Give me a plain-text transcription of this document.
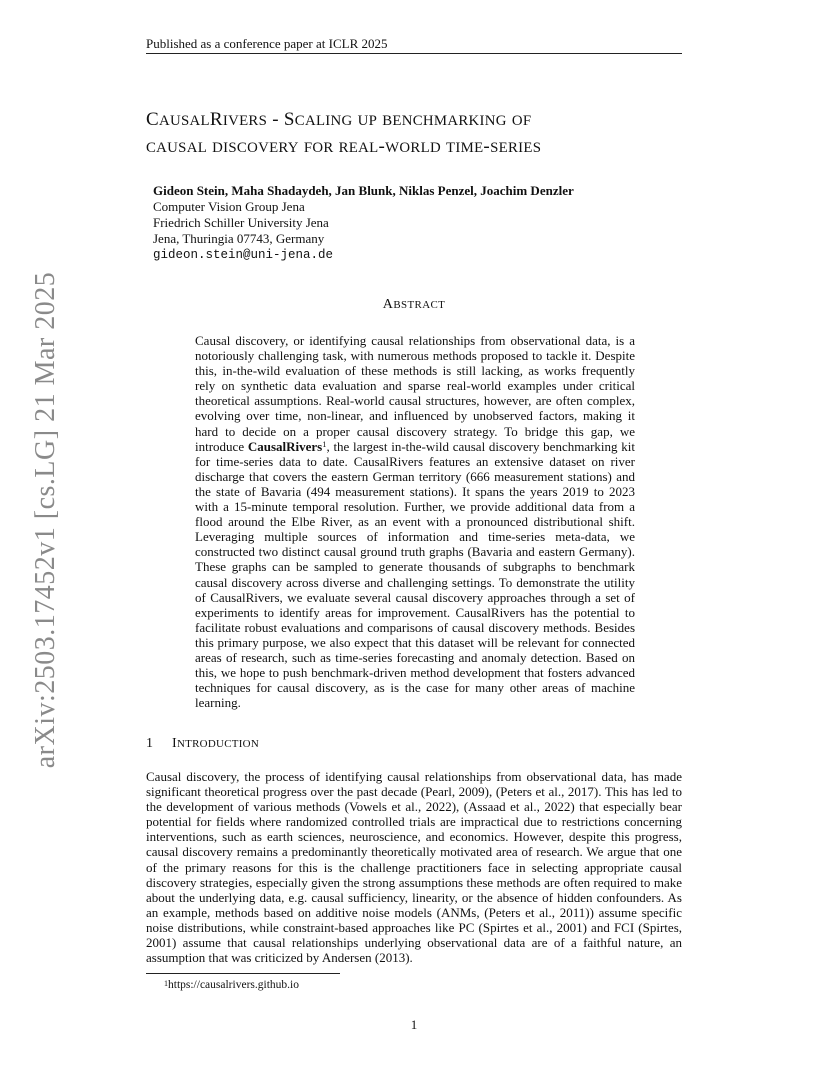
Published as a conference paper at ICLR 2025
CAUSALRIVERS - SCALING UP BENCHMARKING OF
CAUSAL DISCOVERY FOR REAL-WORLD TIME-SERIES
Gideon Stein, Maha Shadaydeh, Jan Blunk, Niklas Penzel, Joachim Denzler
Computer Vision Group Jena
Friedrich Schiller University Jena
Jena, Thuringia 07743, Germany
gideon.stein@uni-jena.de
ABSTRACT
Causal discovery, or identifying causal relationships from observational data, is a notoriously challenging task, with numerous methods proposed to tackle it. Despite this, in-the-wild evaluation of these methods is still lacking, as works frequently rely on synthetic data evaluation and sparse real-world examples under critical theoretical assumptions. Real-world causal structures, however, are often complex, evolving over time, non-linear, and influenced by unobserved factors, making it hard to decide on a proper causal discovery strategy. To bridge this gap, we introduce CausalRivers$^1$, the largest in-the-wild causal discovery benchmarking kit for time-series data to date. CausalRivers features an extensive dataset on river discharge that covers the eastern German territory (666 measurement stations) and the state of Bavaria (494 measurement stations). It spans the years 2019 to 2023 with a 15-minute temporal resolution. Further, we provide additional data from a flood around the Elbe River, as an event with a pronounced distributional shift. Leveraging multiple sources of information and time-series meta-data, we constructed two distinct causal ground truth graphs (Bavaria and eastern Germany). These graphs can be sampled to generate thousands of subgraphs to benchmark causal discovery across diverse and challenging settings. To demonstrate the utility of CausalRivers, we evaluate several causal discovery approaches through a set of experiments to identify areas for improvement. CausalRivers has the potential to facilitate robust evaluations and comparisons of causal discovery methods. Besides this primary purpose, we also expect that this dataset will be relevant for connected areas of research, such as time-series forecasting and anomaly detection. Based on this, we hope to push benchmark-driven method development that fosters advanced techniques for causal discovery, as is the case for many other areas of machine learning.
1 INTRODUCTION
Causal discovery, the process of identifying causal relationships from observational data, has made significant theoretical progress over the past decade (Pearl, 2009), (Peters et al., 2017). This has led to the development of various methods (Vowels et al., 2022), (Assaad et al., 2022) that especially bear potential for fields where randomized controlled trials are impractical due to restrictions concerning interventions, such as earth sciences, neuroscience, and economics. However, despite this progress, causal discovery remains a predominantly theoretically motivated area of research. We argue that one of the primary reasons for this is the challenge practitioners face in selecting appropriate causal discovery strategies, especially given the strong assumptions these methods are often required to make about the underlying data, e.g. causal sufficiency, linearity, or the absence of hidden confounders. As an example, methods based on additive noise models (ANMs, (Peters et al., 2011)) assume specific noise distributions, while constraint-based approaches like PC (Spirtes et al., 2001) and FCI (Spirtes, 2001) assume that causal relationships underlying observational data are of a faithful nature, an assumption that was criticized by Andersen (2013).
$^1$https://causalrivers.github.io
1
arXiv:2503.17452v1 [cs.LG] 21 Mar 2025
